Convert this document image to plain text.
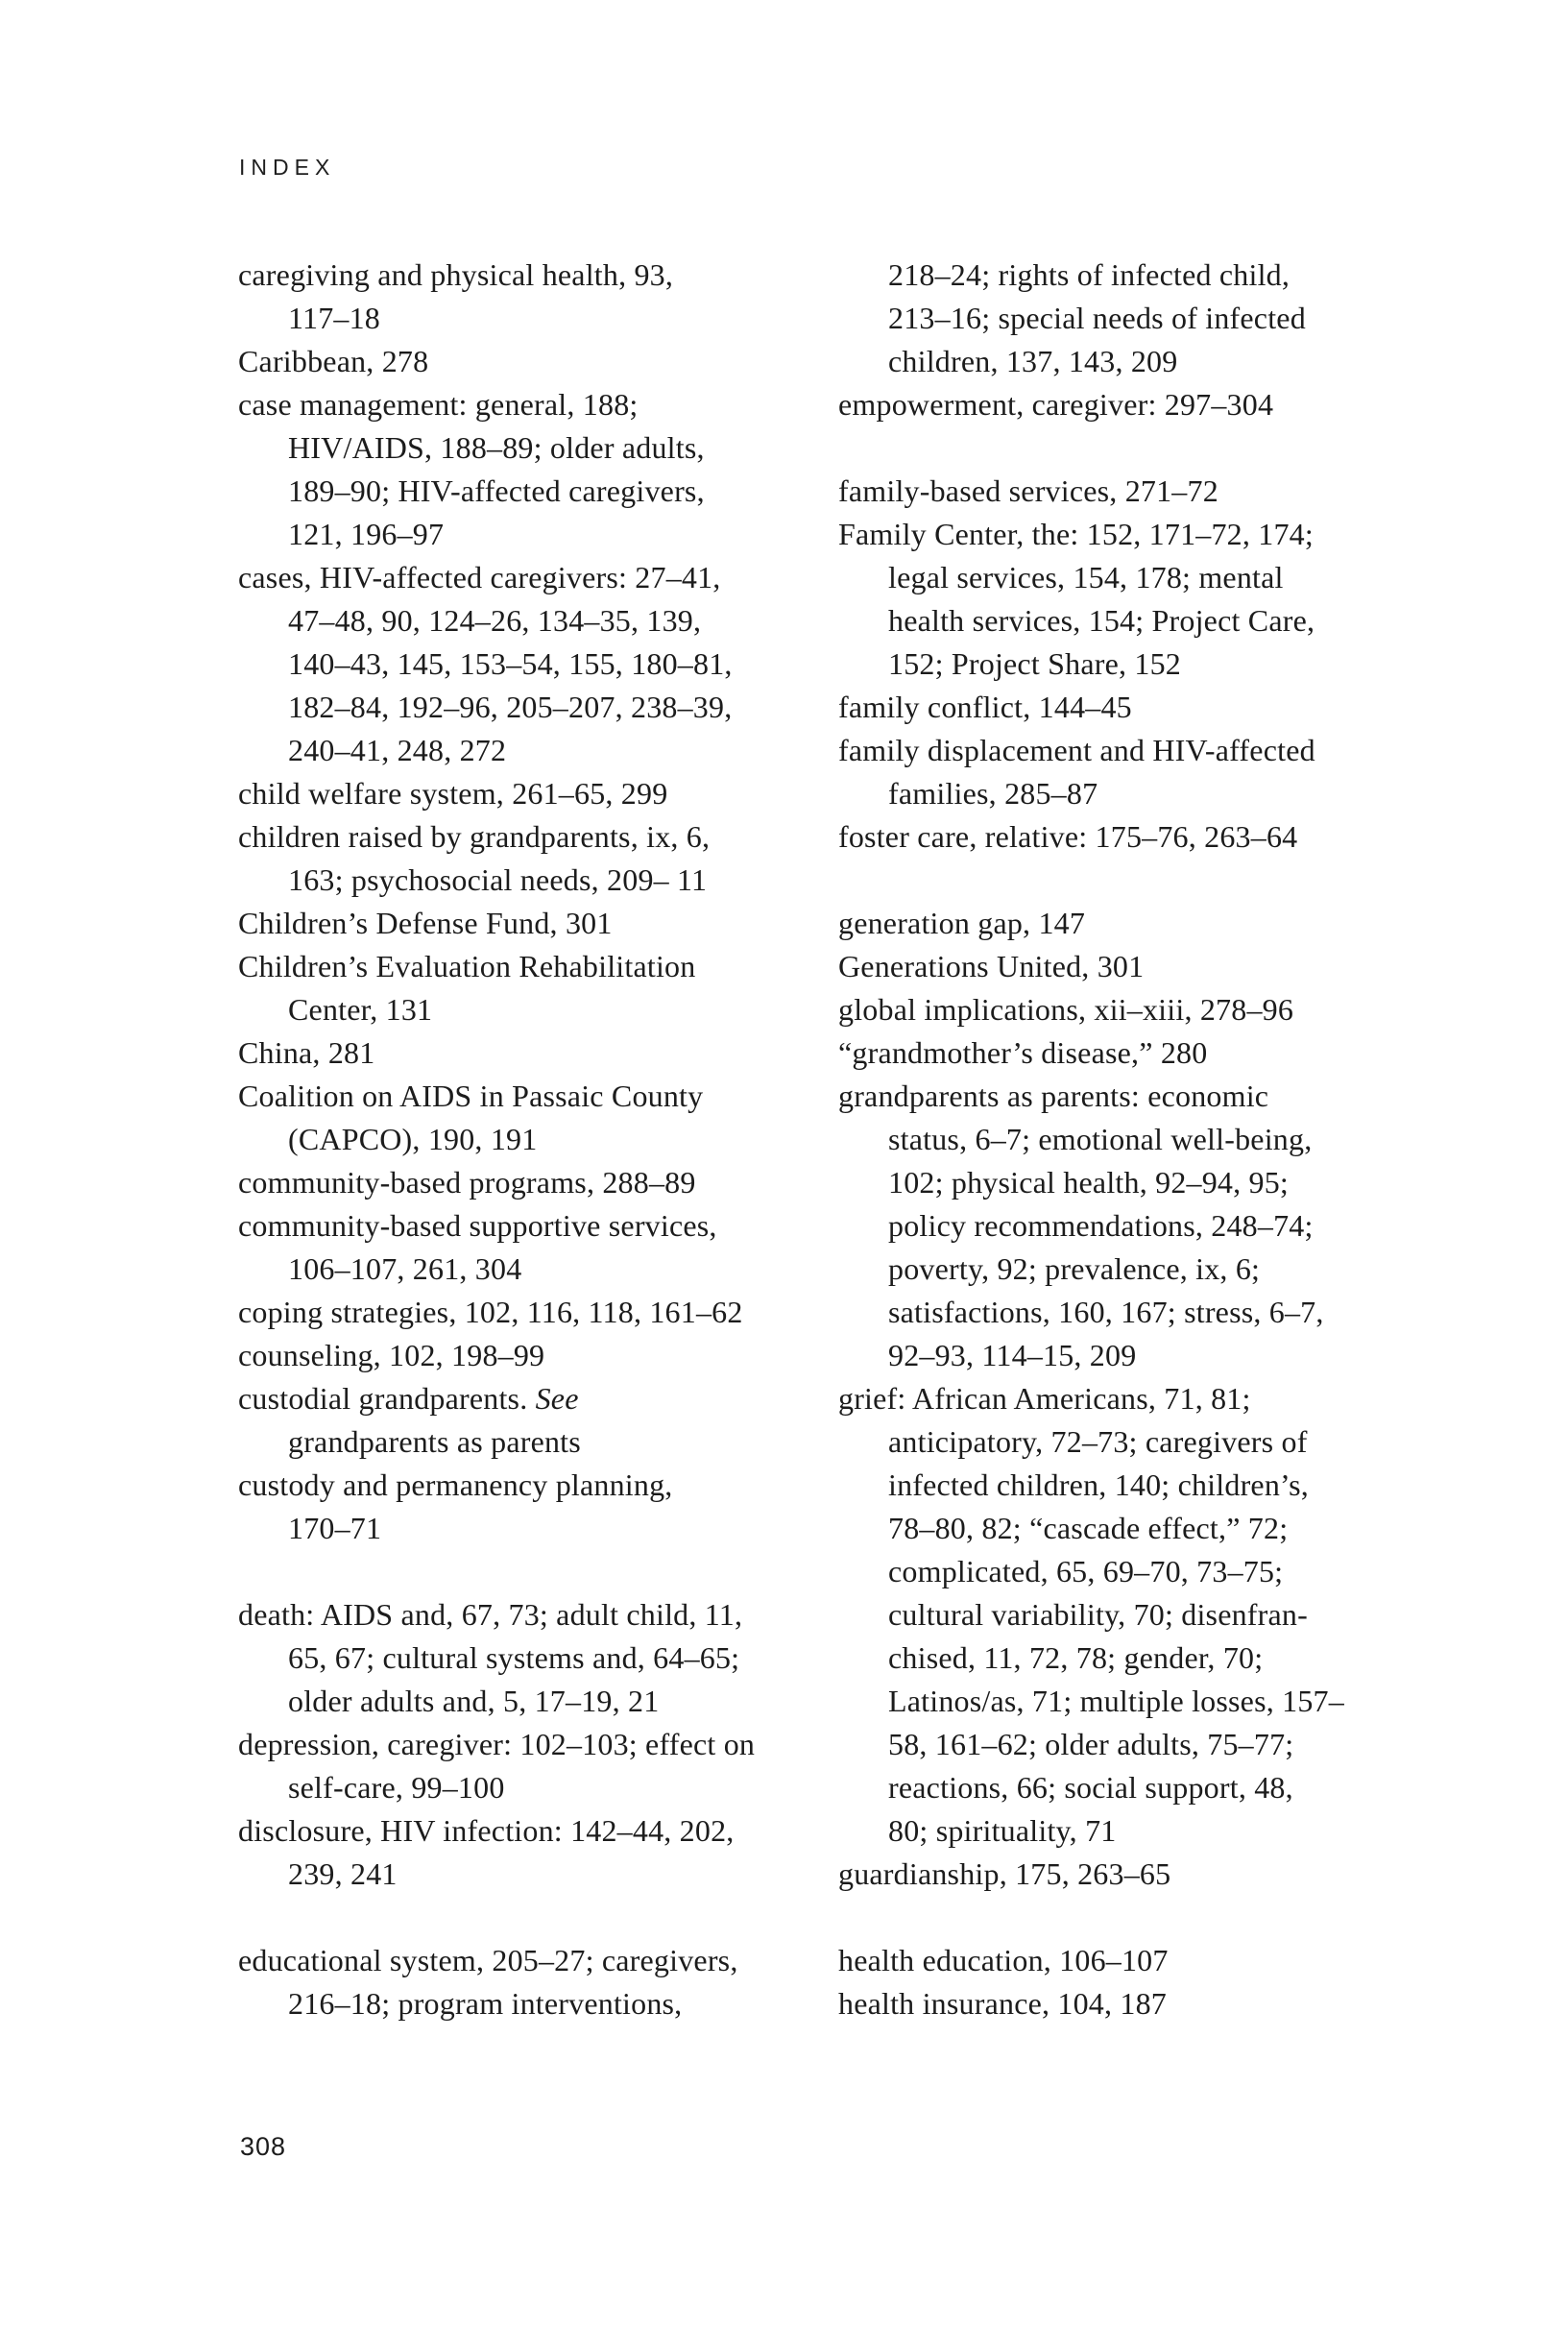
INDEX
caregiving and physical health, 93,
117–18
Caribbean, 278
case management: general, 188;
HIV/AIDS, 188–89; older adults,
189–90; HIV-affected caregivers,
121, 196–97
cases, HIV-affected caregivers: 27–41,
47–48, 90, 124–26, 134–35, 139,
140–43, 145, 153–54, 155, 180–81,
182–84, 192–96, 205–207, 238–39,
240–41, 248, 272
child welfare system, 261–65, 299
children raised by grandparents, ix, 6,
163; psychosocial needs, 209– 11
Children’s Defense Fund, 301
Children’s Evaluation Rehabilitation
Center, 131
China, 281
Coalition on AIDS in Passaic County
(CAPCO), 190, 191
community-based programs, 288–89
community-based supportive services,
106–107, 261, 304
coping strategies, 102, 116, 118, 161–62
counseling, 102, 198–99
custodial grandparents. See
grandparents as parents
custody and permanency planning,
170–71
death: AIDS and, 67, 73; adult child, 11,
65, 67; cultural systems and, 64–65;
older adults and, 5, 17–19, 21
depression, caregiver: 102–103; effect on
self-care, 99–100
disclosure, HIV infection: 142–44, 202,
239, 241
educational system, 205–27; caregivers,
216–18; program interventions,
218–24; rights of infected child,
213–16; special needs of infected
children, 137, 143, 209
empowerment, caregiver: 297–304
family-based services, 271–72
Family Center, the: 152, 171–72, 174;
legal services, 154, 178; mental
health services, 154; Project Care,
152; Project Share, 152
family conflict, 144–45
family displacement and HIV-affected
families, 285–87
foster care, relative: 175–76, 263–64
generation gap, 147
Generations United, 301
global implications, xii–xiii, 278–96
“grandmother’s disease,” 280
grandparents as parents: economic
status, 6–7; emotional well-being,
102; physical health, 92–94, 95;
policy recommendations, 248–74;
poverty, 92; prevalence, ix, 6;
satisfactions, 160, 167; stress, 6–7,
92–93, 114–15, 209
grief: African Americans, 71, 81;
anticipatory, 72–73; caregivers of
infected children, 140; children’s,
78–80, 82; “cascade effect,” 72;
complicated, 65, 69–70, 73–75;
cultural variability, 70; disenfran-
chised, 11, 72, 78; gender, 70;
Latinos/as, 71; multiple losses, 157–
58, 161–62; older adults, 75–77;
reactions, 66; social support, 48,
80; spirituality, 71
guardianship, 175, 263–65
health education, 106–107
health insurance, 104, 187
308
